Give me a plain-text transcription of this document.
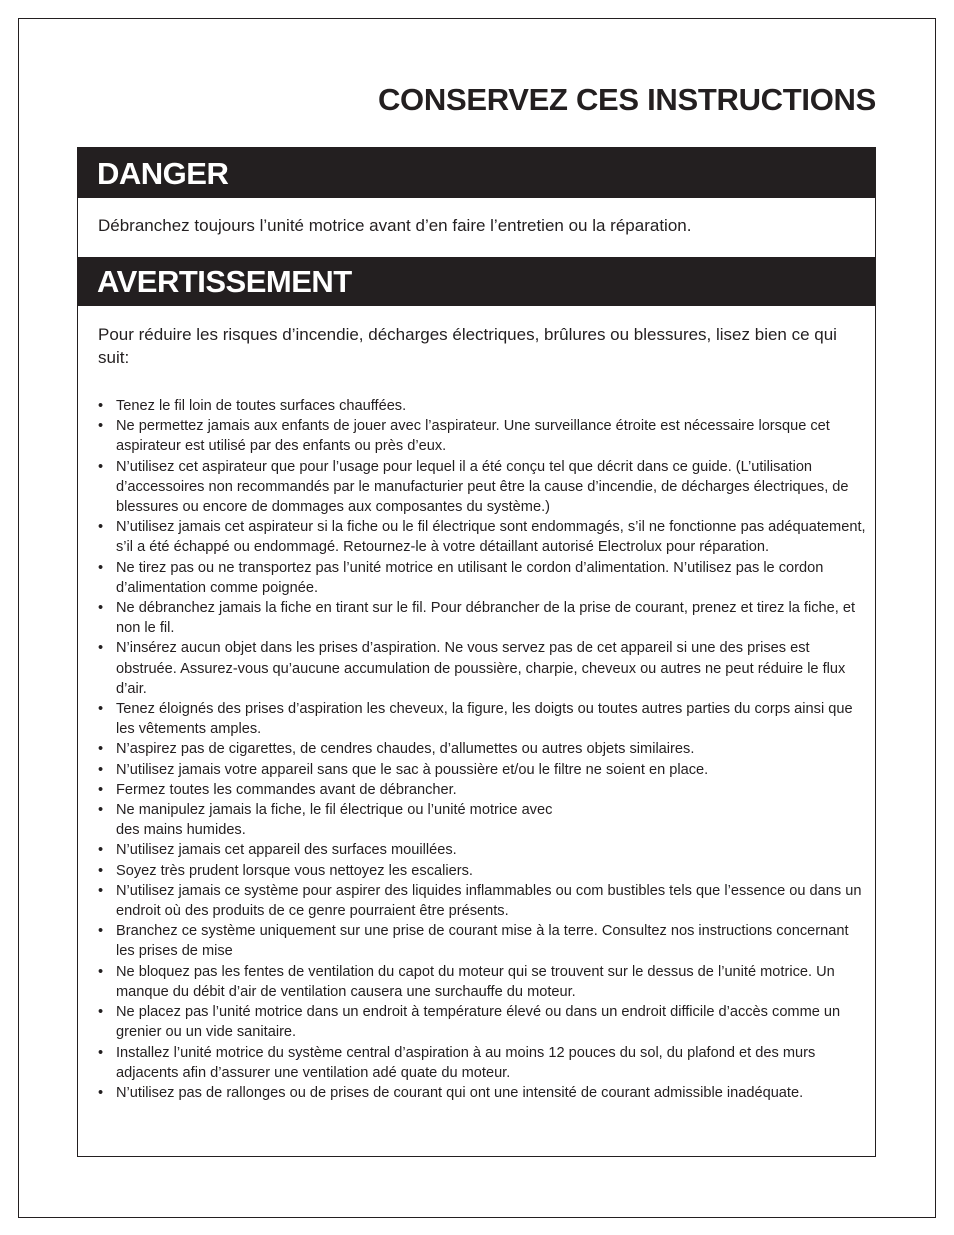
CONSERVEZ CES INSTRUCTIONS
DANGER

Débranchez toujours l’unité motrice avant d’en faire l’entretien ou la réparation.

AVERTISSEMENT

Pour réduire les risques d’incendie, décharges électriques, brûlures ou blessures, lisez bien ce qui suit:

• Tenez le fil loin de toutes surfaces chauffées.
• Ne permettez jamais aux enfants de jouer avec l’aspirateur. Une surveillance étroite est nécessaire lorsque cet aspirateur est utilisé par des enfants ou près d’eux.
• N’utilisez cet aspirateur que pour l’usage pour lequel il a été conçu tel que décrit dans ce guide. (L’utilisation d’accessoires non recommandés par le manufacturier peut être la cause d’incendie, de décharges électriques, de blessures ou encore de dommages aux composantes du système.)
• N’utilisez jamais cet aspirateur si la fiche ou le fil électrique sont endommagés, s’il ne fonctionne pas adéquatement, s’il a été échappé ou endommagé. Retournez-le à votre détaillant autorisé Electrolux pour réparation.
• Ne tirez pas ou ne transportez pas l’unité motrice en utilisant le cordon d’alimentation. N’utilisez pas le cordon d’alimentation comme poignée.
• Ne débranchez jamais la fiche en tirant sur le fil. Pour débrancher de la prise de courant, prenez et tirez la fiche, et non le fil.
• N’insérez aucun objet dans les prises d’aspiration. Ne vous servez pas de cet appareil si une des prises est obstruée. Assurez-vous qu’aucune accumulation de poussière, charpie, cheveux ou autres ne peut réduire le flux d’air.
• Tenez éloignés des prises d’aspiration les cheveux, la figure, les doigts ou toutes autres parties du corps ainsi que les vêtements amples.
• N’aspirez pas de cigarettes, de cendres chaudes, d’allumettes ou autres objets similaires.
• N’utilisez jamais votre appareil sans que le sac à poussière et/ou le filtre ne soient en place.
• Fermez toutes les commandes avant de débrancher.
• Ne manipulez jamais la fiche, le fil électrique ou l’unité motrice avec
des mains humides.
• N’utilisez jamais cet appareil des surfaces mouillées.
• Soyez très prudent lorsque vous nettoyez les escaliers.
• N’utilisez jamais ce système pour aspirer des liquides inflammables ou com bustibles tels que l’essence ou dans un endroit où des produits de ce genre pourraient être présents.
• Branchez ce système uniquement sur une prise de courant mise à la terre. Consultez nos instructions concernant les prises de mise
• Ne bloquez pas les fentes de ventilation du capot du moteur qui se trouvent sur le dessus de l’unité motrice. Un manque du débit d’air de ventilation causera une surchauffe du moteur.
• Ne placez pas l’unité motrice dans un endroit à température élevé ou dans un endroit difficile d’accès comme un grenier ou un vide sanitaire.
• Installez l’unité motrice du système central d’aspiration à au moins 12 pouces du sol, du plafond et des murs adjacents afin d’assurer une ventilation adé quate du moteur.
• N’utilisez pas de rallonges ou de prises de courant qui ont une intensité de courant admissible inadéquate.
